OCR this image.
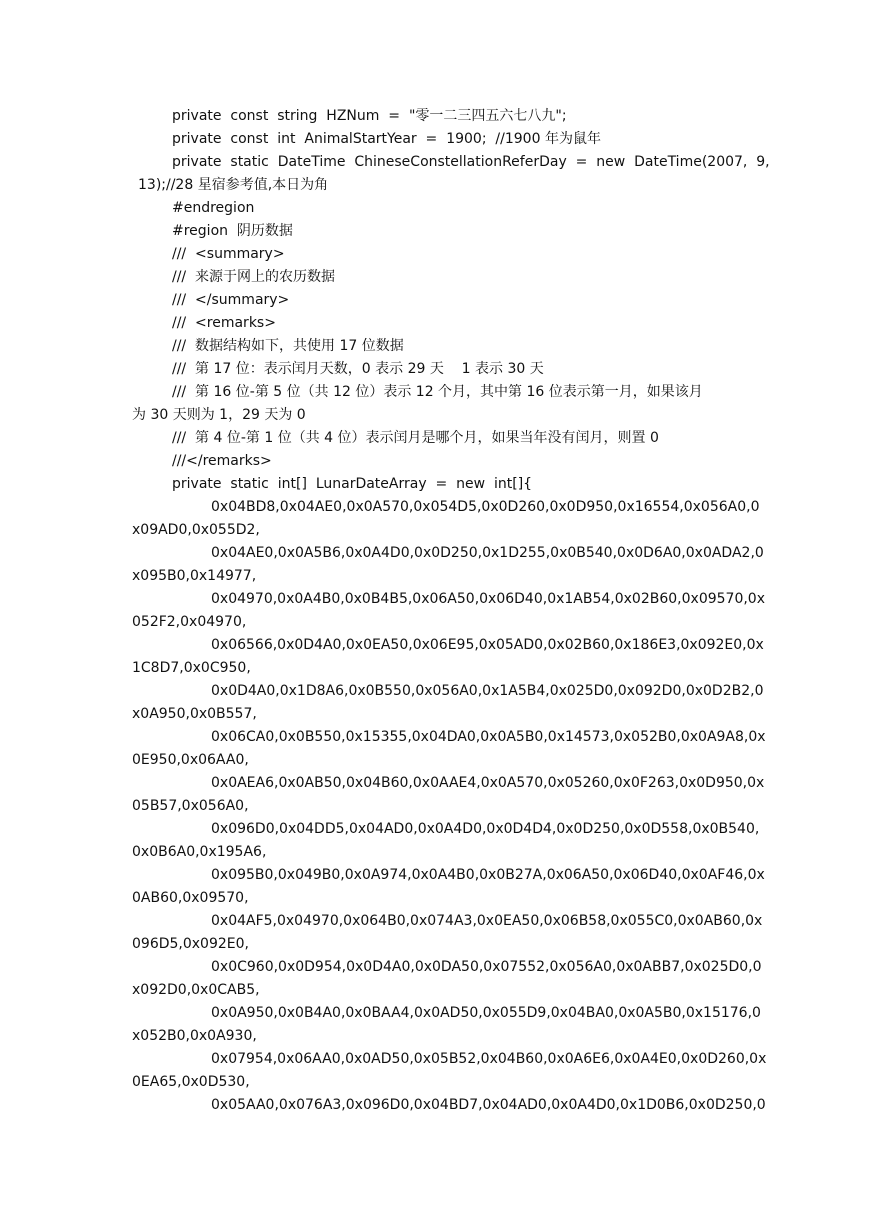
private  const  string  HZNum  =  "零一二三四五六七八九";
private  const  int  AnimalStartYear  =  1900;  //1900 年为鼠年
private  static  DateTime  ChineseConstellationReferDay  =  new  DateTime(2007,  9,
13);//28 星宿参考值,本日为角
#endregion
#region  阴历数据
///  <summary>
///  来源于网上的农历数据
///  </summary>
///  <remarks>
///  数据结构如下，共使用 17 位数据
///  第 17 位：表示闰月天数，0 表示 29 天    1 表示 30 天
///  第 16 位-第 5 位（共 12 位）表示 12 个月，其中第 16 位表示第一月，如果该月
为 30 天则为 1，29 天为 0
///  第 4 位-第 1 位（共 4 位）表示闰月是哪个月，如果当年没有闰月，则置 0
///</remarks>
private  static  int[]  LunarDateArray  =  new  int[]{
0x04BD8,0x04AE0,0x0A570,0x054D5,0x0D260,0x0D950,0x16554,0x056A0,0
x09AD0,0x055D2,
0x04AE0,0x0A5B6,0x0A4D0,0x0D250,0x1D255,0x0B540,0x0D6A0,0x0ADA2,0
x095B0,0x14977,
0x04970,0x0A4B0,0x0B4B5,0x06A50,0x06D40,0x1AB54,0x02B60,0x09570,0x
052F2,0x04970,
0x06566,0x0D4A0,0x0EA50,0x06E95,0x05AD0,0x02B60,0x186E3,0x092E0,0x
1C8D7,0x0C950,
0x0D4A0,0x1D8A6,0x0B550,0x056A0,0x1A5B4,0x025D0,0x092D0,0x0D2B2,0
x0A950,0x0B557,
0x06CA0,0x0B550,0x15355,0x04DA0,0x0A5B0,0x14573,0x052B0,0x0A9A8,0x
0E950,0x06AA0,
0x0AEA6,0x0AB50,0x04B60,0x0AAE4,0x0A570,0x05260,0x0F263,0x0D950,0x
05B57,0x056A0,
0x096D0,0x04DD5,0x04AD0,0x0A4D0,0x0D4D4,0x0D250,0x0D558,0x0B540,
0x0B6A0,0x195A6,
0x095B0,0x049B0,0x0A974,0x0A4B0,0x0B27A,0x06A50,0x06D40,0x0AF46,0x
0AB60,0x09570,
0x04AF5,0x04970,0x064B0,0x074A3,0x0EA50,0x06B58,0x055C0,0x0AB60,0x
096D5,0x092E0,
0x0C960,0x0D954,0x0D4A0,0x0DA50,0x07552,0x056A0,0x0ABB7,0x025D0,0
x092D0,0x0CAB5,
0x0A950,0x0B4A0,0x0BAA4,0x0AD50,0x055D9,0x04BA0,0x0A5B0,0x15176,0
x052B0,0x0A930,
0x07954,0x06AA0,0x0AD50,0x05B52,0x04B60,0x0A6E6,0x0A4E0,0x0D260,0x
0EA65,0x0D530,
0x05AA0,0x076A3,0x096D0,0x04BD7,0x04AD0,0x0A4D0,0x1D0B6,0x0D250,0
